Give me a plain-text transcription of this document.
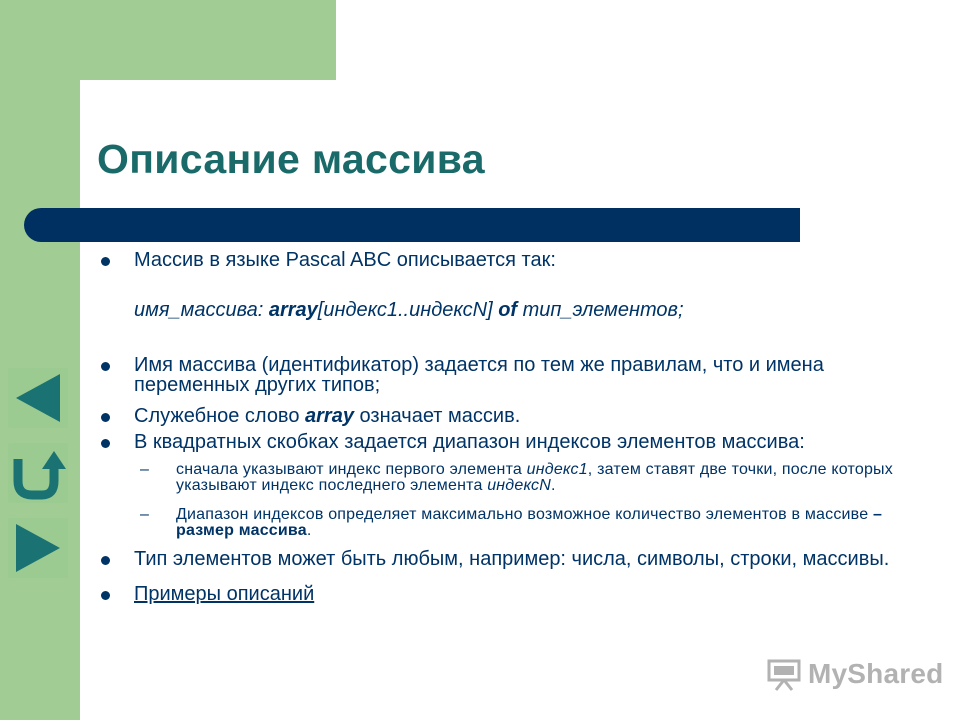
Описание массива
Массив в языке Pascal ABC описывается так:
имя_массива: array[индекс1..индексN] of тип_элементов;
Имя массива (идентификатор) задается по тем же правилам, что и имена переменных других типов;
Служебное слово array означает массив.
В квадратных скобках задается диапазон индексов элементов массива:
– сначала указывают индекс первого элемента индекс1, затем ставят две точки, после которых указывают индекс последнего элемента индексN.
– Диапазон индексов определяет максимально возможное количество элементов в массиве – размер массива.
Тип элементов может быть любым, например: числа, символы, строки, массивы.
Примеры описаний
MyShared
